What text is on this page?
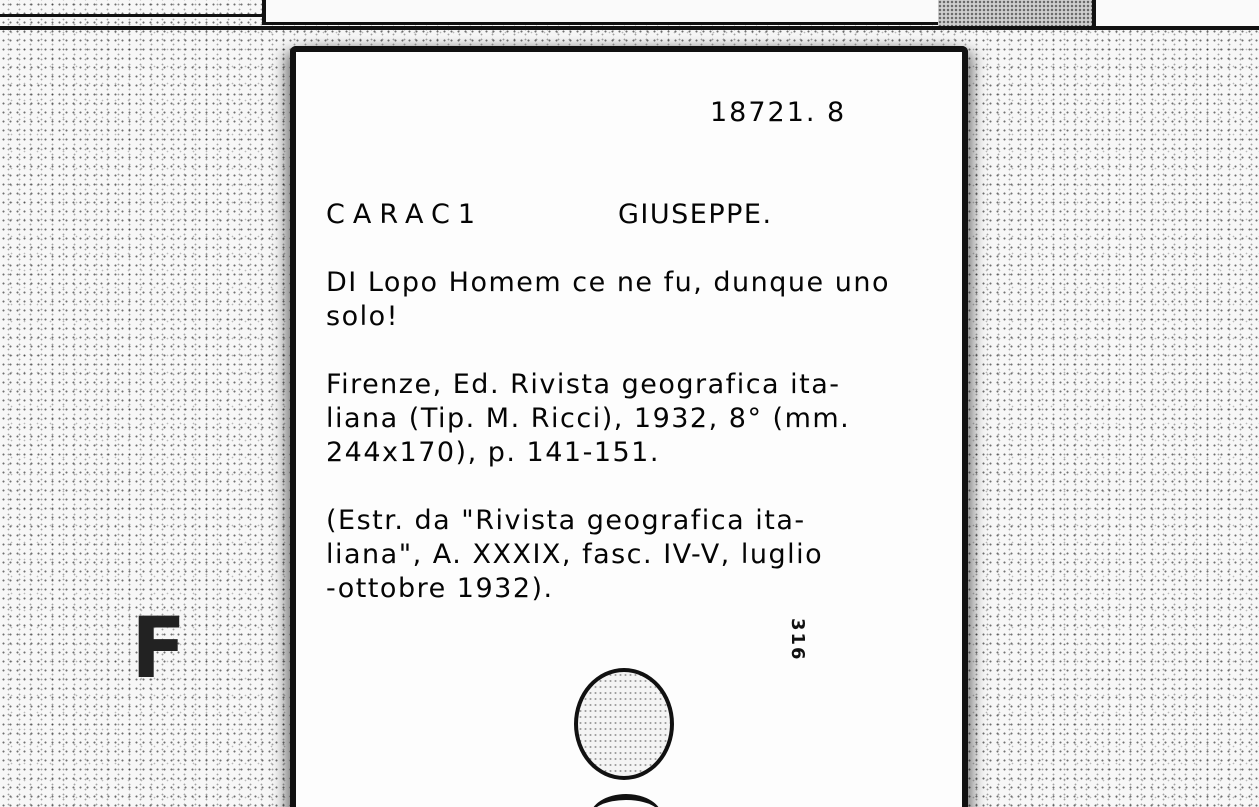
F
18721. 8
CARAC1	GIUSEPPE.
DI Lopo Homem ce ne fu, dunque uno
solo!
Firenze, Ed. Rivista geografica ita-
liana (Tip. M. Ricci), 1932, 8° (mm.
244x170), p. 141-151.
(Estr. da "Rivista geografica ita-
liana", A. XXXIX, fasc. IV-V, luglio
-ottobre 1932).
316
